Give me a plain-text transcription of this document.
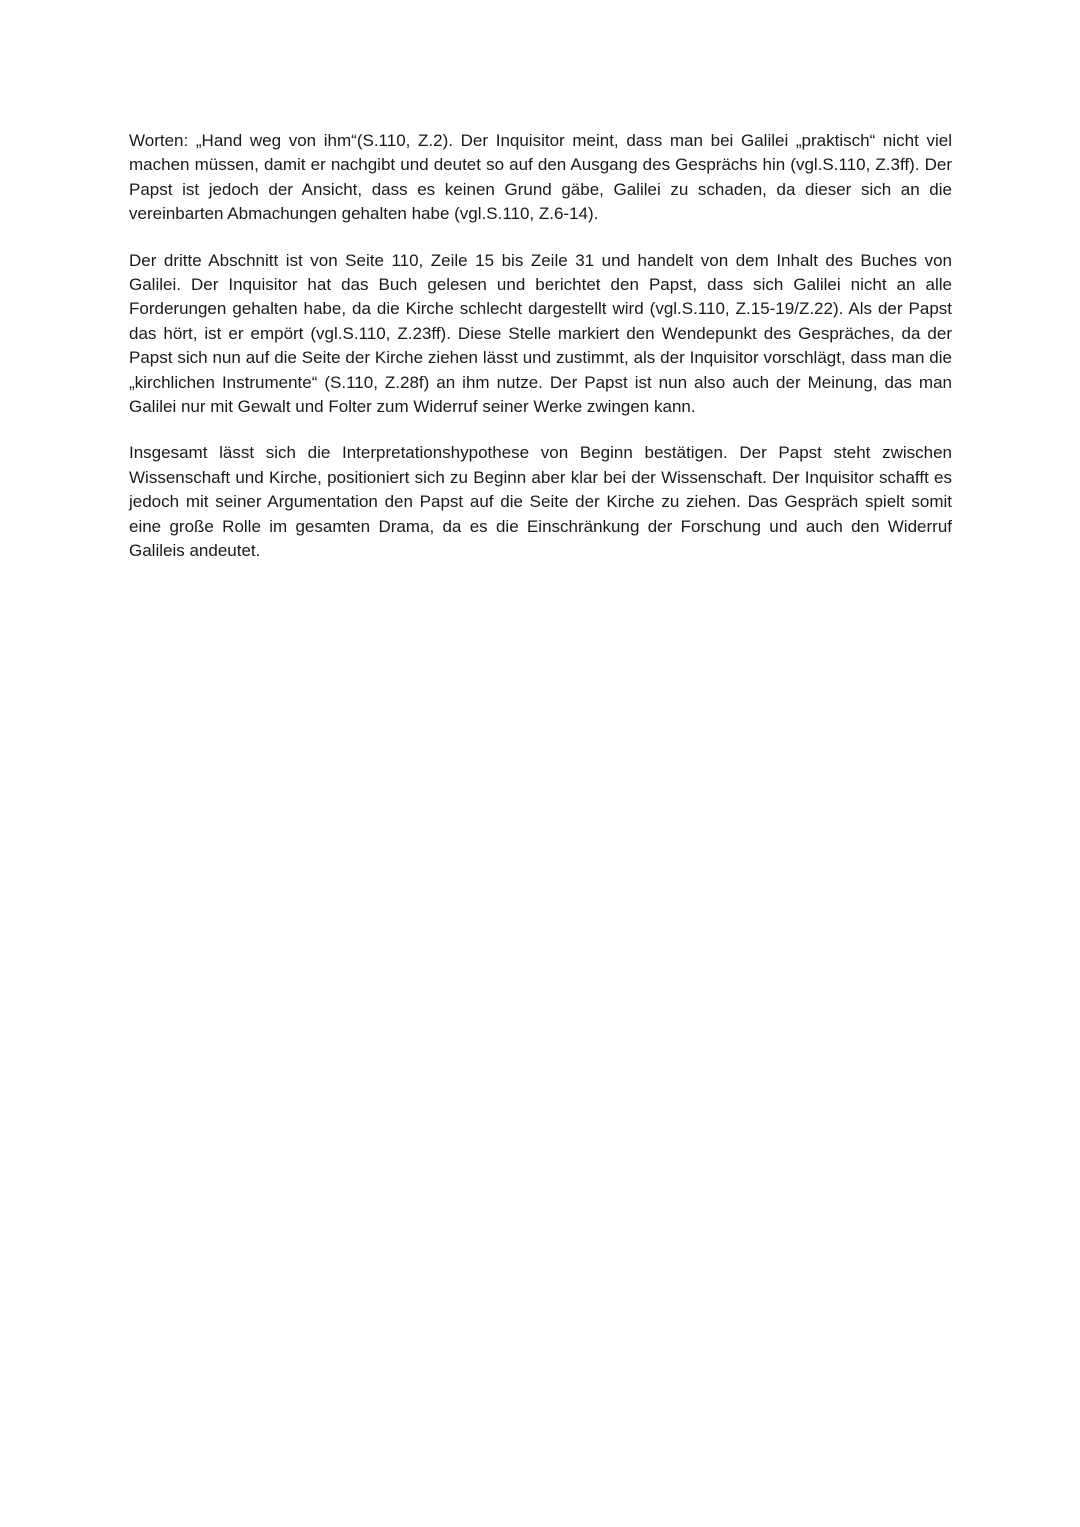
Worten: „Hand weg von ihm“(S.110, Z.2). Der Inquisitor meint, dass man bei Galilei „praktisch“ nicht viel machen müssen, damit er nachgibt und deutet so auf den Ausgang des Gesprächs hin (vgl.S.110, Z.3ff). Der Papst ist jedoch der Ansicht, dass es keinen Grund gäbe, Galilei zu schaden, da dieser sich an die vereinbarten Abmachungen gehalten habe (vgl.S.110, Z.6-14).

Der dritte Abschnitt ist von Seite 110, Zeile 15 bis Zeile 31 und handelt von dem Inhalt des Buches von Galilei. Der Inquisitor hat das Buch gelesen und berichtet den Papst, dass sich Galilei nicht an alle Forderungen gehalten habe, da die Kirche schlecht dargestellt wird (vgl.S.110, Z.15-19/Z.22). Als der Papst das hört, ist er empört (vgl.S.110, Z.23ff). Diese Stelle markiert den Wendepunkt des Gespräches, da der Papst sich nun auf die Seite der Kirche ziehen lässt und zustimmt, als der Inquisitor vorschlägt, dass man die „kirchlichen Instrumente“ (S.110, Z.28f) an ihm nutze. Der Papst ist nun also auch der Meinung, das man Galilei nur mit Gewalt und Folter zum Widerruf seiner Werke zwingen kann.

Insgesamt lässt sich die Interpretationshypothese von Beginn bestätigen. Der Papst steht zwischen Wissenschaft und Kirche, positioniert sich zu Beginn aber klar bei der Wissenschaft. Der Inquisitor schafft es jedoch mit seiner Argumentation den Papst auf die Seite der Kirche zu ziehen. Das Gespräch spielt somit eine große Rolle im gesamten Drama, da es die Einschränkung der Forschung und auch den Widerruf Galileis andeutet.
